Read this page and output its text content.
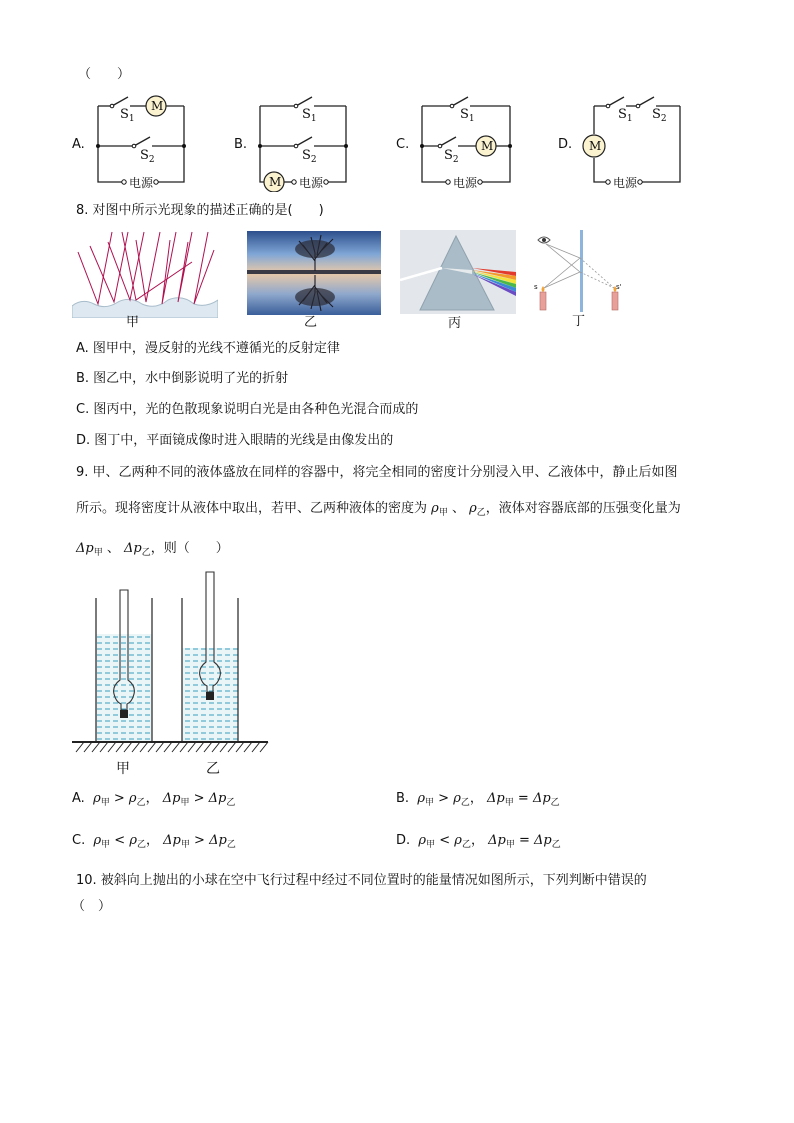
（　　）
A.
M
$S_1$
$S_2$
电源
B.
M
$S_1$
$S_2$
电源
C.	M
$S_1$
$S_2$
电源
D. M
$S_1$ $S_2$
电源
8. 对图中所示光现象的描述正确的是(　　)
甲	乙	丙
s	s'
丁
A. 图甲中，漫反射的光线不遵循光的反射定律
B. 图乙中，水中倒影说明了光的折射
C. 图丙中，光的色散现象说明白光是由各种色光混合而成的
D. 图丁中，平面镜成像时进入眼睛的光线是由像发出的
9. 甲、乙两种不同的液体盛放在同样的容器中，将完全相同的密度计分别浸入甲、乙液体中，静止后如图
所示。现将密度计从液体中取出，若甲、乙两种液体的密度为 $\rho_甲$ 、 $\rho_乙$，液体对容器底部的压强变化量为
$\Delta p_甲$ 、 $\Delta p_乙$，则（　　）
甲	乙
A. $\rho_甲 > \rho_乙$， $\Delta p_甲 > \Delta p_乙$	B. $\rho_甲 > \rho_乙$， $\Delta p_甲 = \Delta p_乙$
C. $\rho_甲 < \rho_乙$， $\Delta p_甲 > \Delta p_乙$	D. $\rho_甲 < \rho_乙$， $\Delta p_甲 = \Delta p_乙$
10. 被斜向上抛出的小球在空中飞行过程中经过不同位置时的能量情况如图所示，下列判断中错误的
（　）
